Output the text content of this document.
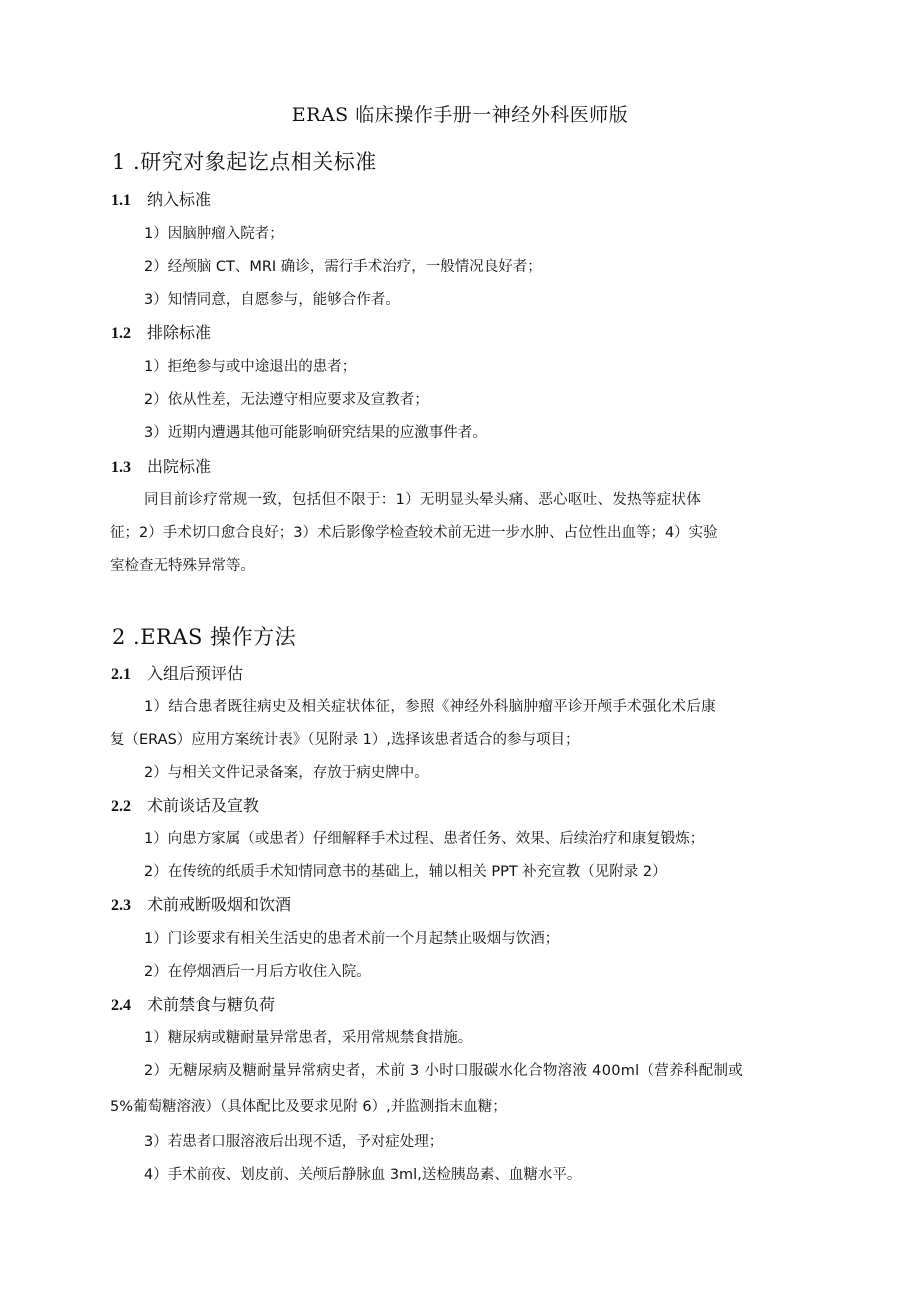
ERAS 临床操作手册一神经外科医师版
1 .研究对象起讫点相关标准
1.1 纳入标准
1）因脑肿瘤入院者；
2）经颅脑 CT、MRI 确诊，需行手术治疗，一般情况良好者；
3）知情同意，自愿参与，能够合作者。
1.2 排除标准
1）拒绝参与或中途退出的患者；
2）依从性差，无法遵守相应要求及宣教者；
3）近期内遭遇其他可能影响研究结果的应激事件者。
1.3 出院标准
同目前诊疗常规一致，包括但不限于：1）无明显头晕头痛、恶心呕吐、发热等症状体
征；2）手术切口愈合良好；3）术后影像学检查较术前无进一步水肿、占位性出血等；4）实验
室检查无特殊异常等。
2 .ERAS 操作方法
2.1 入组后预评估
1）结合患者既往病史及相关症状体征，参照《神经外科脑肿瘤平诊开颅手术强化术后康
复（ERAS）应用方案统计表》（见附录 1）,选择该患者适合的参与项目；
2）与相关文件记录备案，存放于病史牌中。
2.2 术前谈话及宣教
1）向患方家属（或患者）仔细解释手术过程、患者任务、效果、后续治疗和康复锻炼；
2）在传统的纸质手术知情同意书的基础上，辅以相关 PPT 补充宣教（见附录 2）
2.3 术前戒断吸烟和饮酒
1）门诊要求有相关生活史的患者术前一个月起禁止吸烟与饮酒；
2）在停烟酒后一月后方收住入院。
2.4 术前禁食与糖负荷
1）糖尿病或糖耐量异常患者，采用常规禁食措施。
2）无糖尿病及糖耐量异常病史者，术前 3 小时口服碳水化合物溶液 400ml（营养科配制或
5%葡萄糖溶液）（具体配比及要求见附 6）,并监测指末血糖；
3）若患者口服溶液后出现不适，予对症处理；
4）手术前夜、划皮前、关颅后静脉血 3ml,送检胰岛素、血糖水平。
